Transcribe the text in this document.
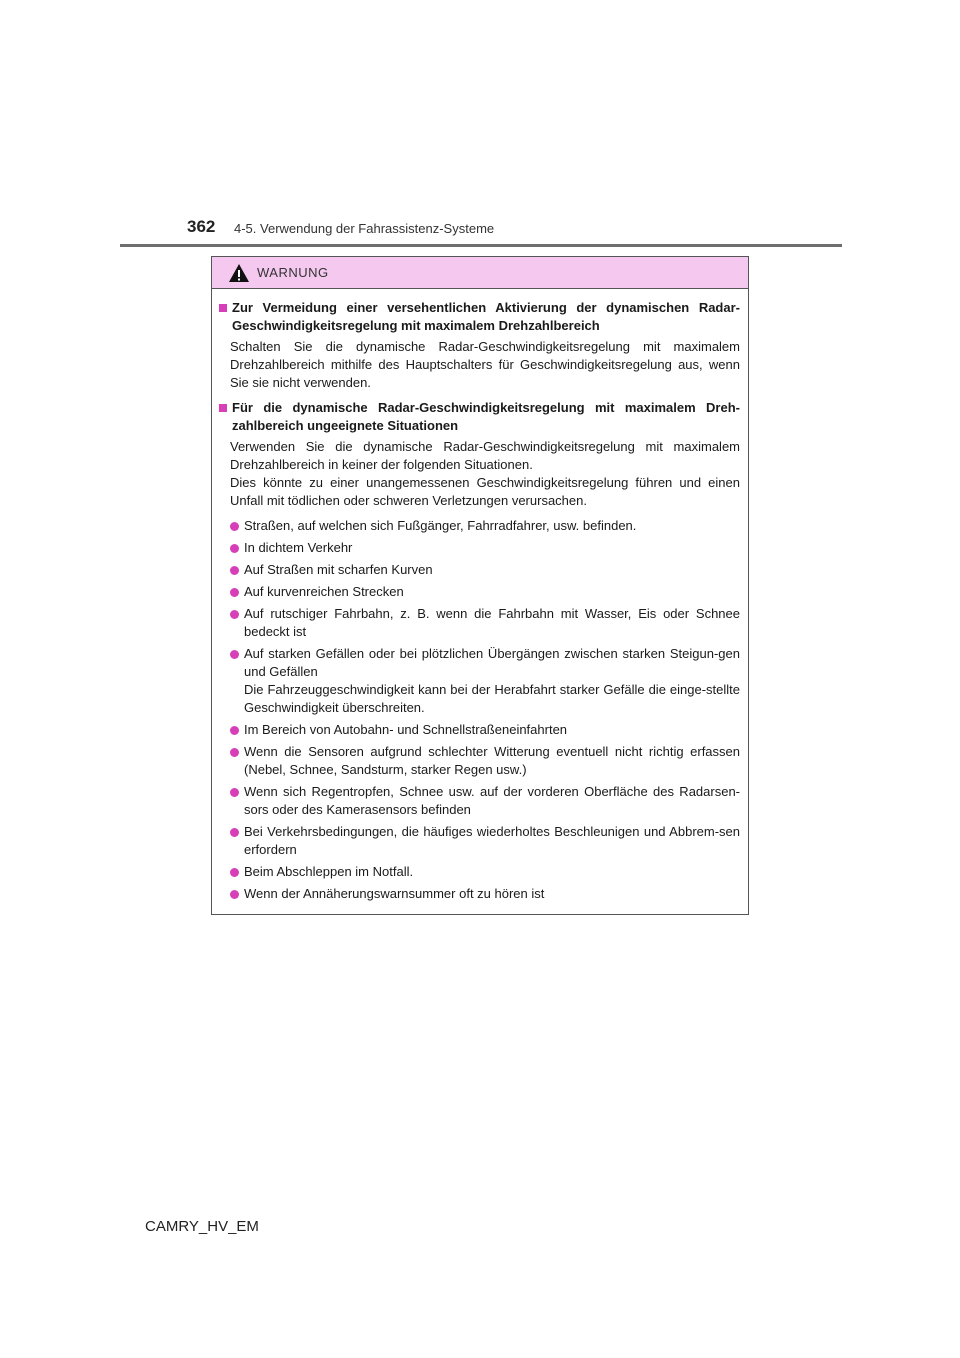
362 4-5. Verwendung der Fahrassistenz-Systeme
WARNUNG
Zur Vermeidung einer versehentlichen Aktivierung der dynamischen Radar-Geschwindigkeitsregelung mit maximalem Drehzahlbereich
Schalten Sie die dynamische Radar-Geschwindigkeitsregelung mit maximalem Drehzahlbereich mithilfe des Hauptschalters für Geschwindigkeitsregelung aus, wenn Sie sie nicht verwenden.
Für die dynamische Radar-Geschwindigkeitsregelung mit maximalem Dreh-zahlbereich ungeeignete Situationen
Verwenden Sie die dynamische Radar-Geschwindigkeitsregelung mit maximalem Drehzahlbereich in keiner der folgenden Situationen.
Dies könnte zu einer unangemessenen Geschwindigkeitsregelung führen und einen Unfall mit tödlichen oder schweren Verletzungen verursachen.
Straßen, auf welchen sich Fußgänger, Fahrradfahrer, usw. befinden.
In dichtem Verkehr
Auf Straßen mit scharfen Kurven
Auf kurvenreichen Strecken
Auf rutschiger Fahrbahn, z. B. wenn die Fahrbahn mit Wasser, Eis oder Schnee bedeckt ist
Auf starken Gefällen oder bei plötzlichen Übergängen zwischen starken Steigun-gen und Gefällen
Die Fahrzeuggeschwindigkeit kann bei der Herabfahrt starker Gefälle die einge-stellte Geschwindigkeit überschreiten.
Im Bereich von Autobahn- und Schnellstraßeneinfahrten
Wenn die Sensoren aufgrund schlechter Witterung eventuell nicht richtig erfassen (Nebel, Schnee, Sandsturm, starker Regen usw.)
Wenn sich Regentropfen, Schnee usw. auf der vorderen Oberfläche des Radarsen-sors oder des Kamerasensors befinden
Bei Verkehrsbedingungen, die häufiges wiederholtes Beschleunigen und Abbrem-sen erfordern
Beim Abschleppen im Notfall.
Wenn der Annäherungswarnsummer oft zu hören ist
CAMRY_HV_EM
